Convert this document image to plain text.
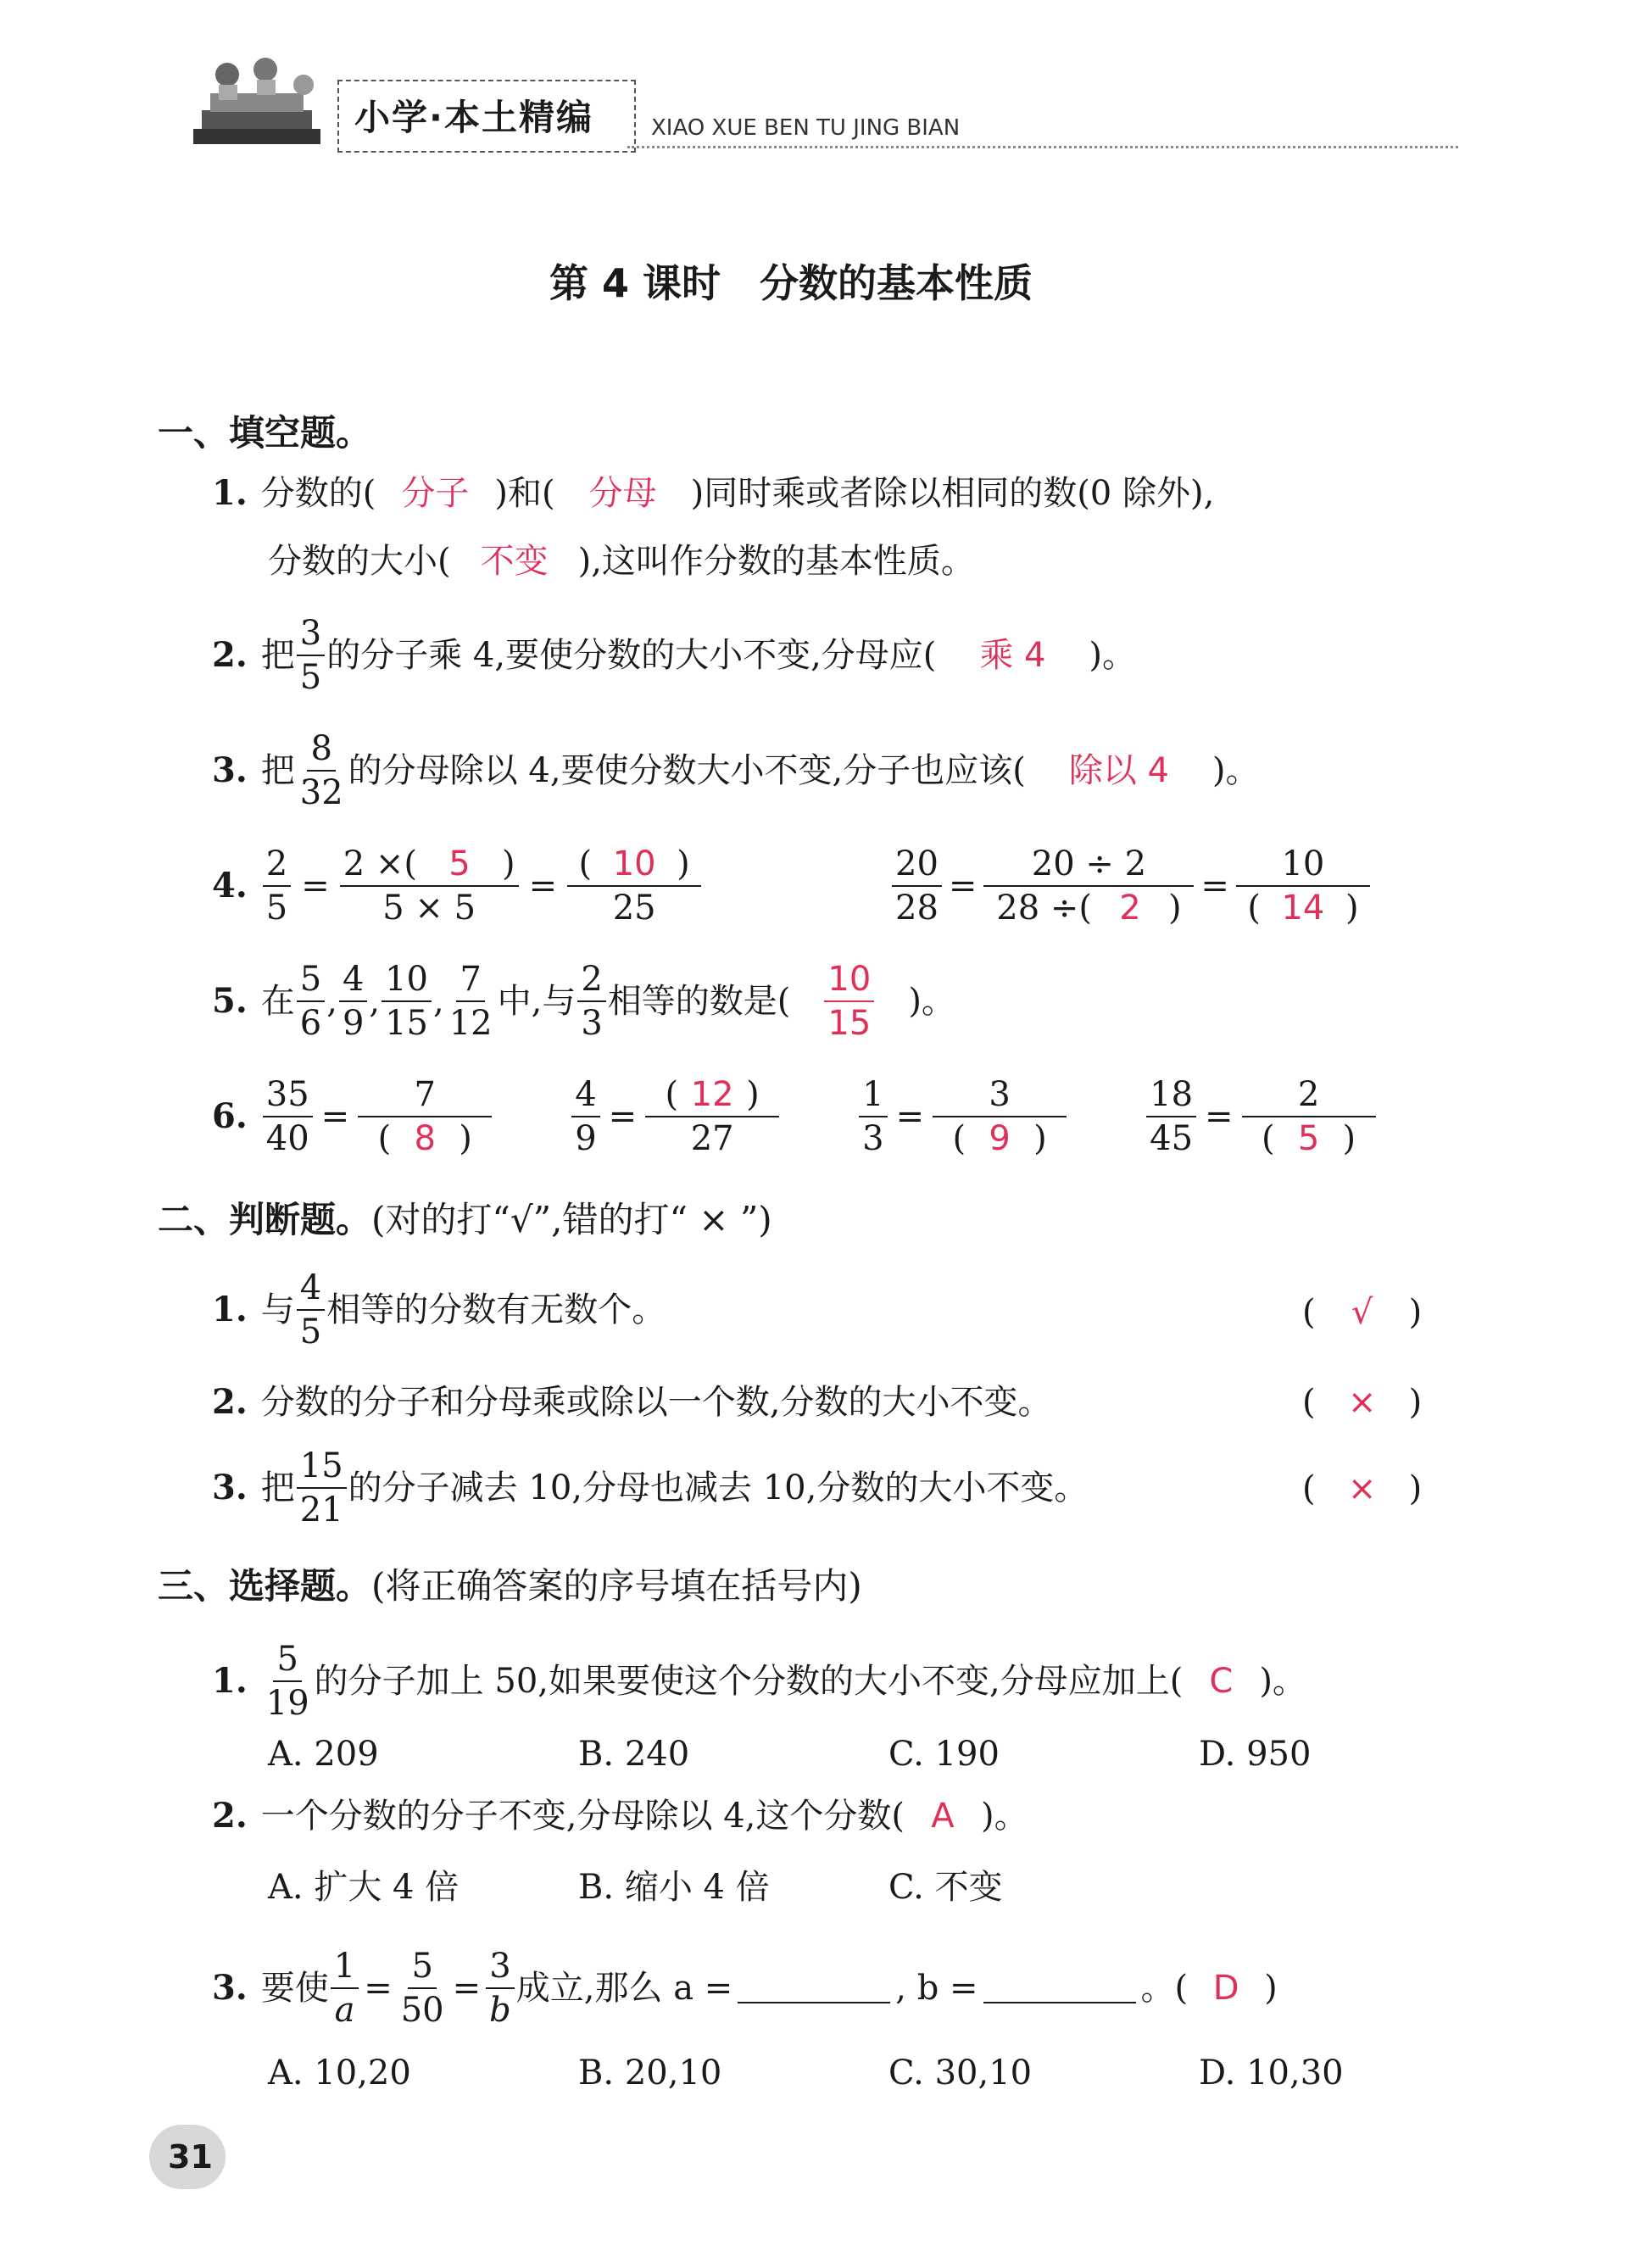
小学·本土精编	XIAO XUE BEN TU JING BIAN
第 4 课时　分数的基本性质
一、填空题。
1. 分数的( 分子 )和(	分母	)同时乘或者除以相同的数(0 除外),
分数的大小( 不变 ),这叫作分数的基本性质。
2. 把 $\frac{3}{5}$ 的分子乘 4,要使分数的大小不变,分母应(	乘 4	)。
3. 把 $\frac{8}{32}$ 的分母除以 4,要使分数大小不变,分子也应该(	除以 4	)。
4. $\frac{2}{5} = \frac{2 \times( 5 )}{5 \times 5} = \frac{( 10 )}{25}$	$\frac{20}{28} = \frac{20 \div 2}{28 \div( 2 )} = \frac{10}{( 14 )}$
5. 在 $\frac{5}{6}$ , $\frac{4}{9}$ , $\frac{10}{15}$ , $\frac{7}{12}$ 中,与 $\frac{2}{3}$ 相等的数是( $\frac{10}{15}$ )。
6. $\frac{35}{40} = \frac{7}{( 8 )} \frac{4}{9} = \frac{( 12 )}{27} \frac{1}{3} = \frac{3}{( 9 )} \frac{18}{45} = \frac{2}{( 5 )}$
二、判断题。(对的打“√”,错的打“ × ”)
1. 与 $\frac{4}{5}$ 相等的分数有无数个。	(	√	)
2. 分数的分子和分母乘或除以一个数,分数的大小不变。	( × )
3. 把 $\frac{15}{21}$ 的分子减去 10,分母也减去 10,分数的大小不变。	( × )
三、选择题。(将正确答案的序号填在括号内)
1. $\frac{5}{19}$ 的分子加上 50,如果要使这个分数的大小不变,分母应加上( C )。
A. 209	B. 240	C. 190	D. 950
2. 一个分数的分子不变,分母除以 4,这个分数( A )。
A. 扩大 4 倍	B. 缩小 4 倍	C. 不变
3. 要使 $\frac{1}{a} = \frac{5}{50} = \frac{3}{b}$ 成立,那么 a =	, b =	。( D )
A. 10,20	B. 20,10	C. 30,10	D. 10,30
31
